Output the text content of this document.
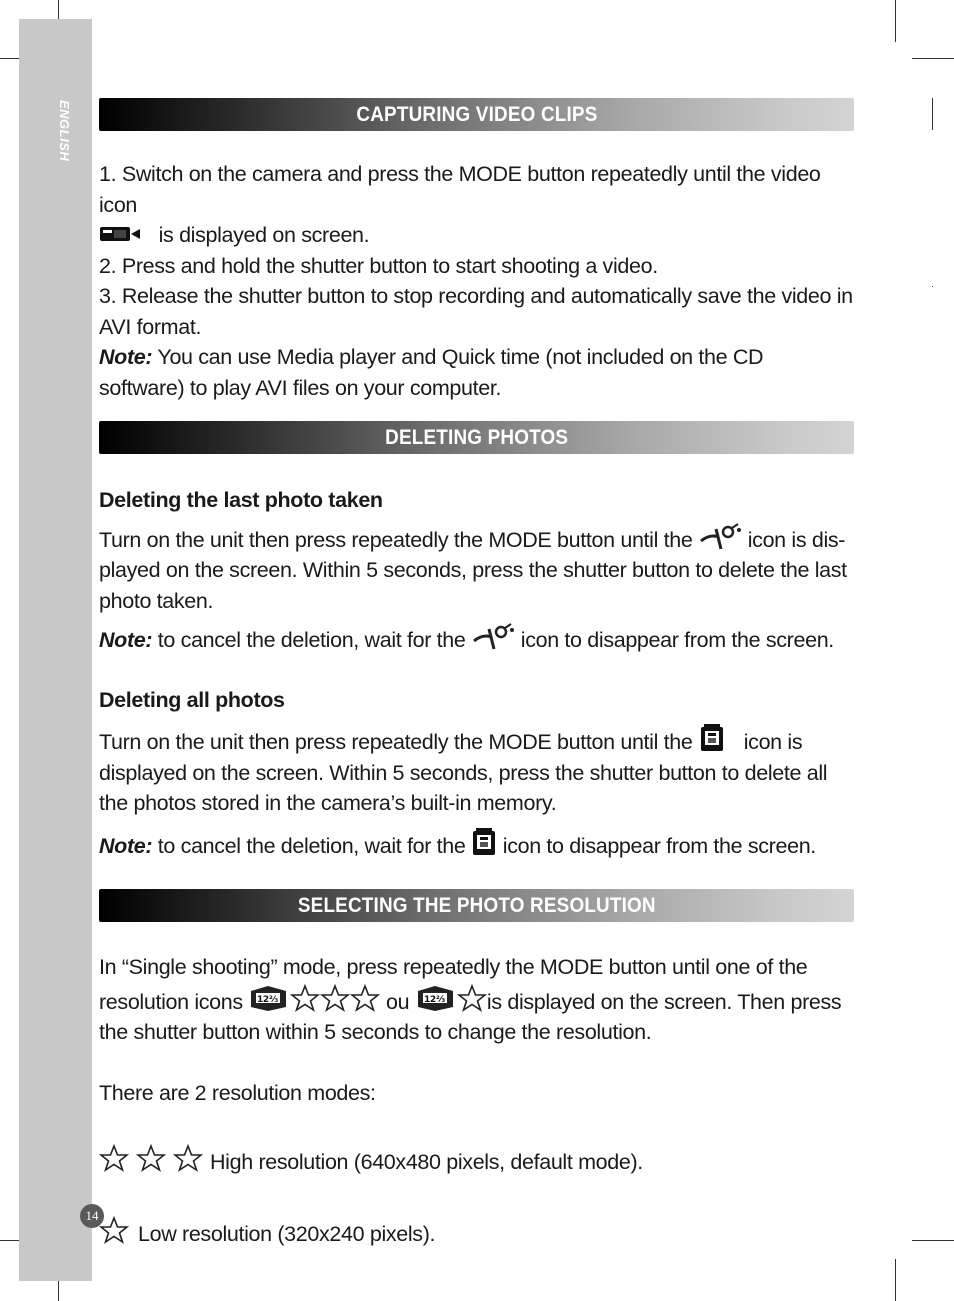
ENGLISH	CAPTURING VIDEO CLIPS

1. Switch on the camera and press the MODE button repeatedly until the video icon
is displayed on screen.

2. Press and hold the shutter button to start shooting a video.

3. Release the shutter button to stop recording and automatically save the video in AVI format.

Note: You can use Media player and Quick time (not included on the CD software) to play AVI files on your computer.

DELETING PHOTOS

Deleting the last photo taken

Turn on the unit then press repeatedly the MODE button until the  icon is dis-played on the screen. Within 5 seconds, press the shutter button to delete the last photo taken.

Note: to cancel the deletion, wait for the  icon to disappear from the screen.

Deleting all photos

Turn on the unit then press repeatedly the MODE button until the  icon is displayed on the screen. Within 5 seconds, press the shutter button to delete all the photos stored in the camera’s built-in memory.

Note: to cancel the deletion, wait for the  icon to disappear from the screen.

SELECTING THE PHOTO RESOLUTION

In “Single shooting” mode, press repeatedly the MODE button until one of the resolution icons 12⅔	ou 12⅔ is displayed on the screen. Then press the shutter button within 5 seconds to change the resolution.

There are 2 resolution modes:

High resolution (640x480 pixels, default mode).

Low resolution (320x240 pixels).

14
